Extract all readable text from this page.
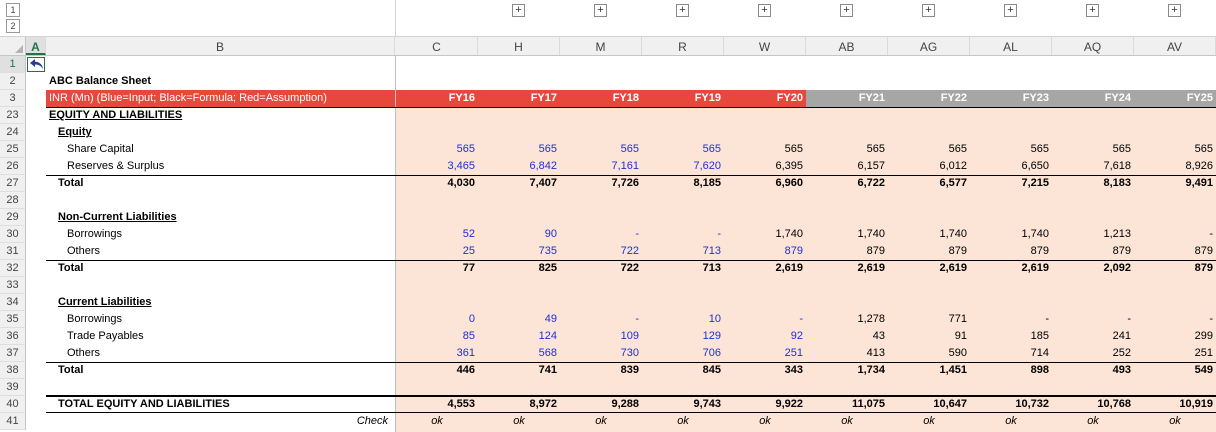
1
2
+	+	+	+	+	+	+	+	+
A	B	C	H	M	R	W	AB	AG	AL	AQ	AV
1
2	ABC Balance Sheet
3	INR (Mn) (Blue=Input; Black=Formula; Red=Assumption)	FY16	FY17	FY18	FY19	FY20	FY21	FY22	FY23	FY24	FY25
23	EQUITY AND LIABILITIES
24	Equity
25	Share Capital	565	565	565	565	565	565	565	565	565	565
26	Reserves & Surplus	3,465	6,842	7,161	7,620	6,395	6,157	6,012	6,650	7,618	8,926
27	Total	4,030	7,407	7,726	8,185	6,960	6,722	6,577	7,215	8,183	9,491
28
29	Non-Current Liabilities
30	Borrowings	52	90	-	-	1,740	1,740	1,740	1,740	1,213	-
31	Others	25	735	722	713	879	879	879	879	879	879
32	Total	77	825	722	713	2,619	2,619	2,619	2,619	2,092	879
33
34	Current Liabilities
35	Borrowings	0	49	-	10	-	1,278	771	-	-	-
36	Trade Payables	85	124	109	129	92	43	91	185	241	299
37	Others	361	568	730	706	251	413	590	714	252	251
38	Total	446	741	839	845	343	1,734	1,451	898	493	549
39
40	TOTAL EQUITY AND LIABILITIES	4,553	8,972	9,288	9,743	9,922	11,075	10,647	10,732	10,768	10,919
41	Check	ok	ok	ok	ok	ok	ok	ok	ok	ok	ok
